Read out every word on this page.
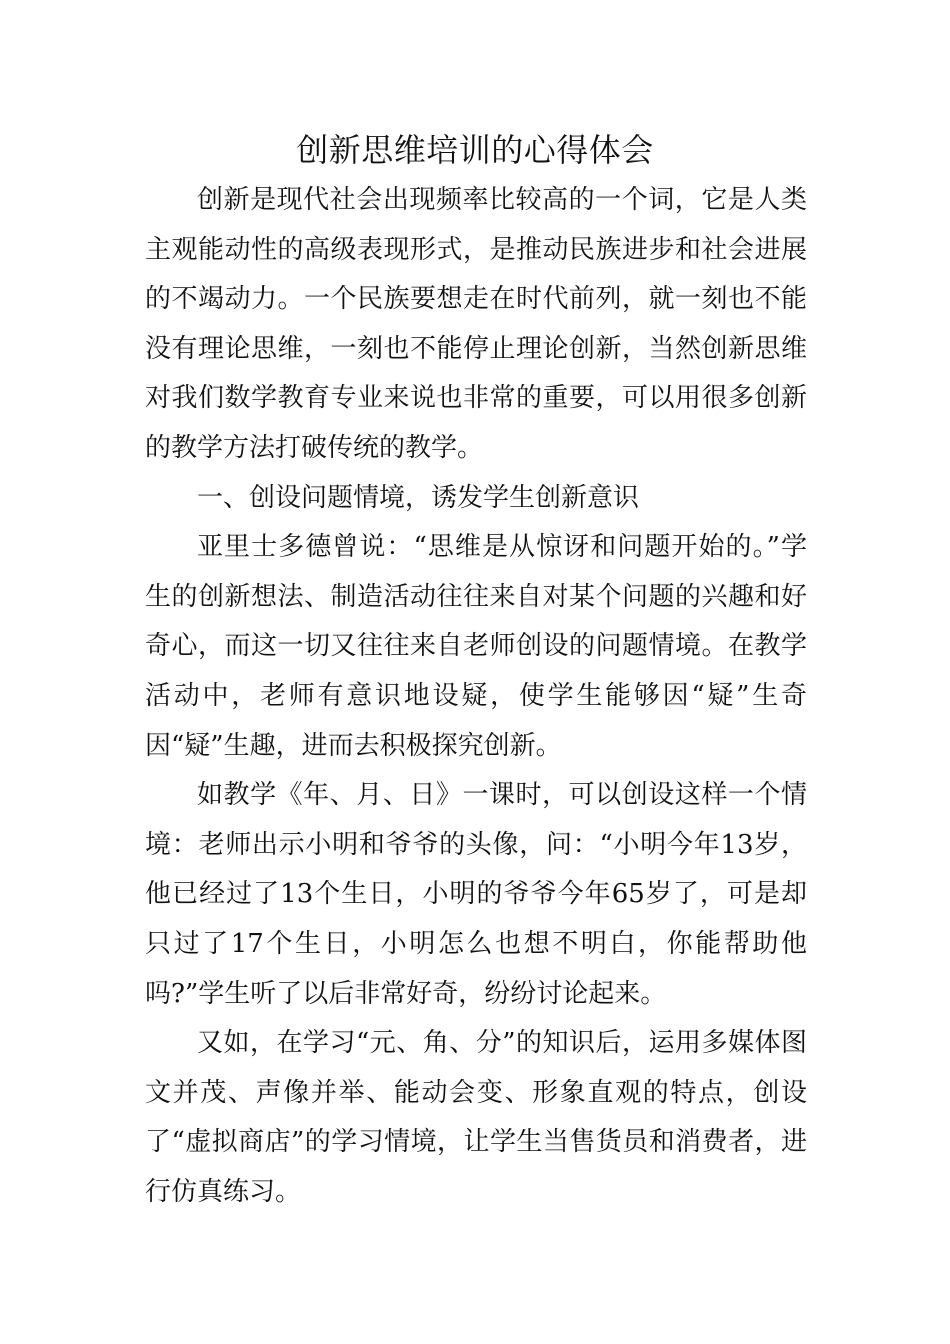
创新思维培训的心得体会

创新是现代社会出现频率比较高的一个词，它是人类主观能动性的高级表现形式，是推动民族进步和社会进展的不竭动力。一个民族要想走在时代前列，就一刻也不能没有理论思维，一刻也不能停止理论创新，当然创新思维对我们数学教育专业来说也非常的重要，可以用很多创新的教学方法打破传统的教学。

一、创设问题情境，诱发学生创新意识

亚里士多德曾说：“思维是从惊讶和问题开始的。”学生的创新想法、制造活动往往来自对某个问题的兴趣和好奇心，而这一切又往往来自老师创设的问题情境。在教学活动中，老师有意识地设疑，使学生能够因“疑”生奇因“疑”生趣，进而去积极探究创新。

如教学《年、月、日》一课时，可以创设这样一个情境：老师出示小明和爷爷的头像，问：“小明今年13岁，他已经过了13个生日，小明的爷爷今年65岁了，可是却只过了17个生日，小明怎么也想不明白，你能帮助他吗?”学生听了以后非常好奇，纷纷讨论起来。

又如，在学习“元、角、分”的知识后，运用多媒体图文并茂、声像并举、能动会变、形象直观的特点，创设了“虚拟商店”的学习情境，让学生当售货员和消费者，进行仿真练习。
